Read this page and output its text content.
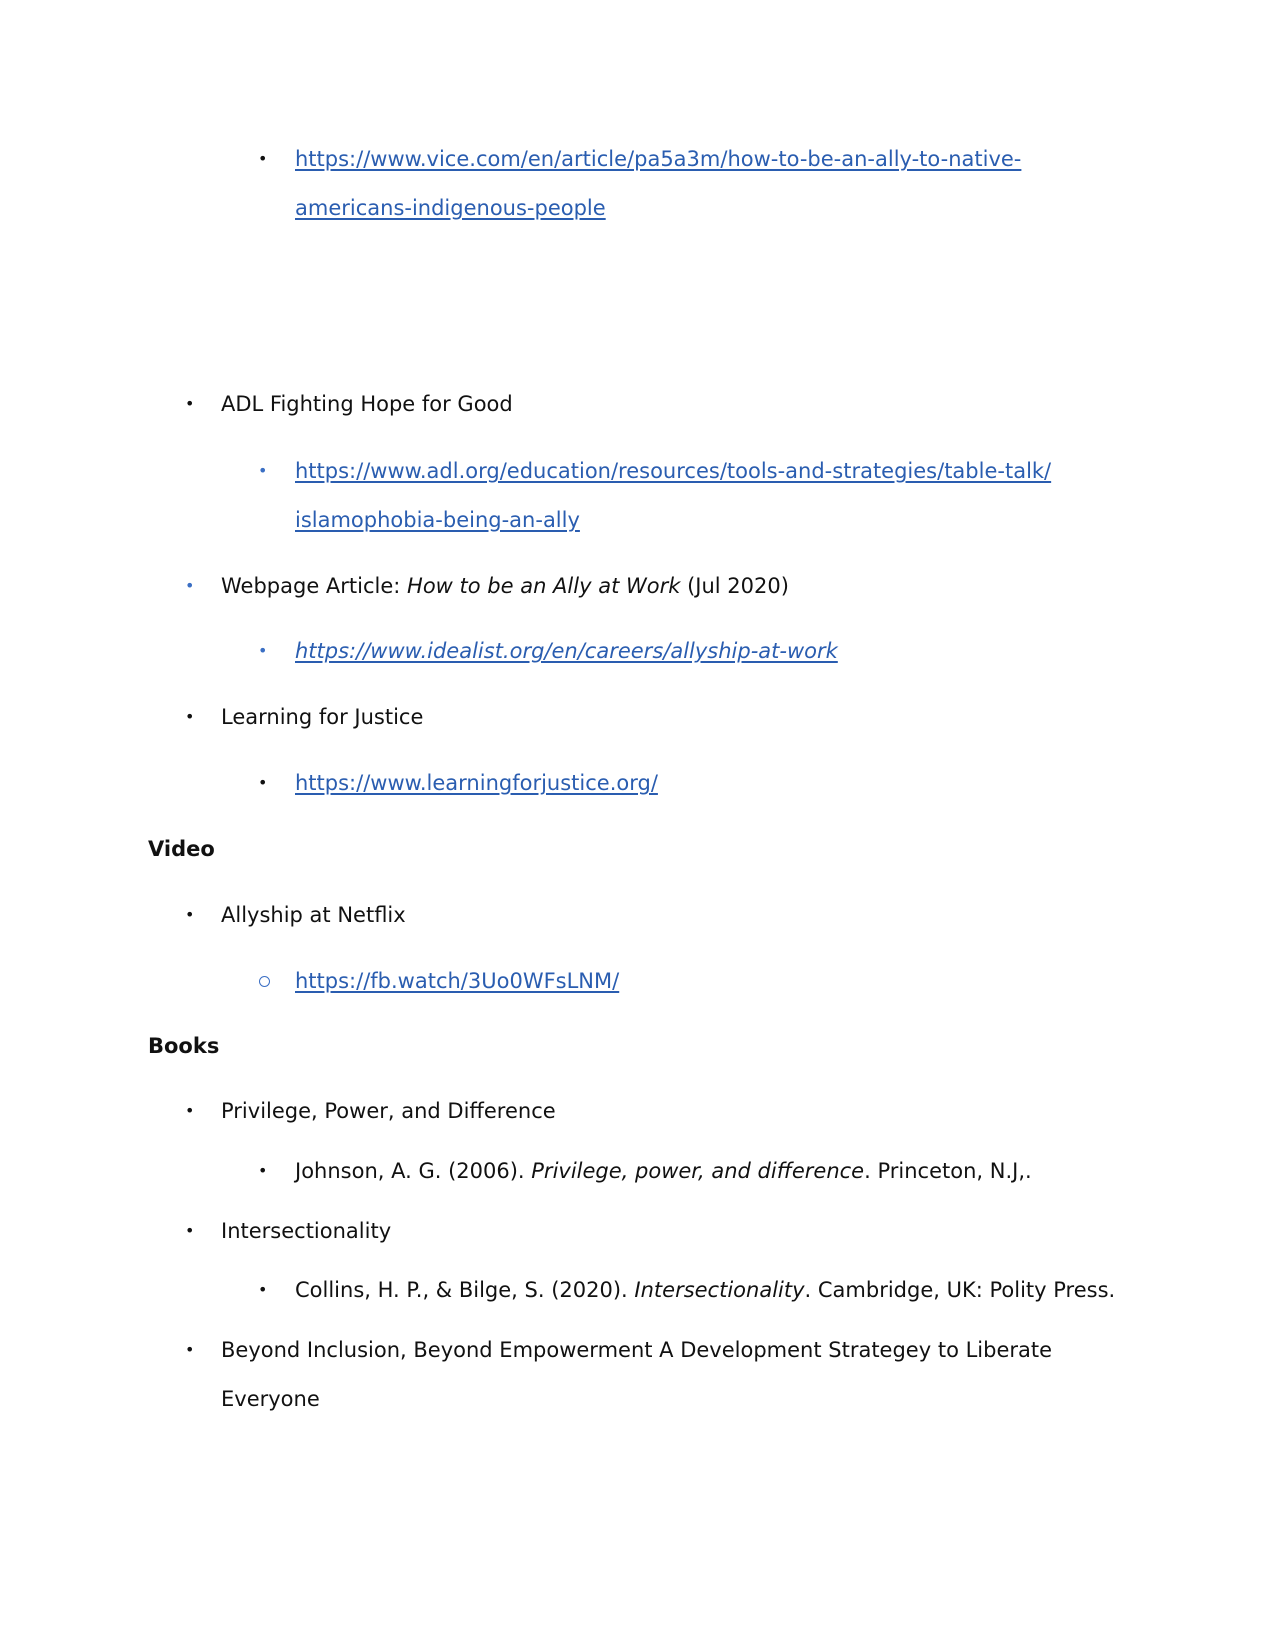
• https://www.vice.com/en/article/pa5a3m/how-to-be-an-ally-to-native-
americans-indigenous-people
• ADL Fighting Hope for Good
• https://www.adl.org/education/resources/tools-and-strategies/table-talk/
islamophobia-being-an-ally
• Webpage Article: How to be an Ally at Work (Jul 2020)
• https://www.idealist.org/en/careers/allyship-at-work
• Learning for Justice
• https://www.learningforjustice.org/
Video
• Allyship at Netflix
https://fb.watch/3Uo0WFsLNM/
Books
• Privilege, Power, and Difference
• Johnson, A. G. (2006). Privilege, power, and difference. Princeton, N.J,.
• Intersectionality
• Collins, H. P., & Bilge, S. (2020). Intersectionality. Cambridge, UK: Polity Press.
• Beyond Inclusion, Beyond Empowerment A Development Strategey to Liberate
Everyone
